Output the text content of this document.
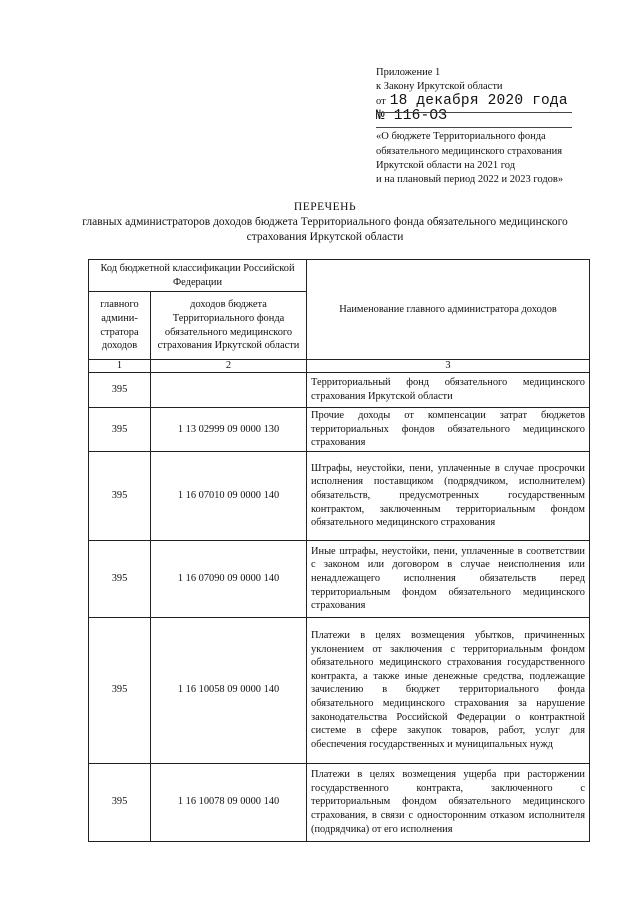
Приложение 1
к Закону Иркутской области
от 18 декабря 2020 года
№ 116-ОЗ
«О бюджете Территориального фонда
обязательного медицинского страхования
Иркутской области на 2021 год
и на плановый период 2022 и 2023 годов»
ПЕРЕЧЕНЬ
главных администраторов доходов бюджета Территориального фонда обязательного медицинского страхования Иркутской области
Код бюджетной классификации Российской Федерации		Наименование главного администратора доходов
главного админи-стратора доходов	доходов бюджета Территориального фонда обязательного медицинского страхования Иркутской области	
1	2	3
395		Территориальный фонд обязательного медицинского страхования Иркутской области
395	1 13 02999 09 0000 130	Прочие доходы от компенсации затрат бюджетов территориальных фондов обязательного медицинского страхования
395	1 16 07010 09 0000 140	Штрафы, неустойки, пени, уплаченные в случае просрочки исполнения поставщиком (подрядчиком, исполнителем) обязательств, предусмотренных государственным контрактом, заключенным территориальным фондом обязательного медицинского страхования
395	1 16 07090 09 0000 140	Иные штрафы, неустойки, пени, уплаченные в соответствии с законом или договором в случае неисполнения или ненадлежащего исполнения обязательств перед территориальным фондом обязательного медицинского страхования
395	1 16 10058 09 0000 140	Платежи в целях возмещения убытков, причиненных уклонением от заключения с территориальным фондом обязательного медицинского страхования государственного контракта, а также иные денежные средства, подлежащие зачислению в бюджет территориального фонда обязательного медицинского страхования за нарушение законодательства Российской Федерации о контрактной системе в сфере закупок товаров, работ, услуг для обеспечения государственных и муниципальных нужд
395	1 16 10078 09 0000 140	Платежи в целях возмещения ущерба при расторжении государственного контракта, заключенного с территориальным фондом обязательного медицинского страхования, в связи с односторонним отказом исполнителя (подрядчика) от его исполнения
